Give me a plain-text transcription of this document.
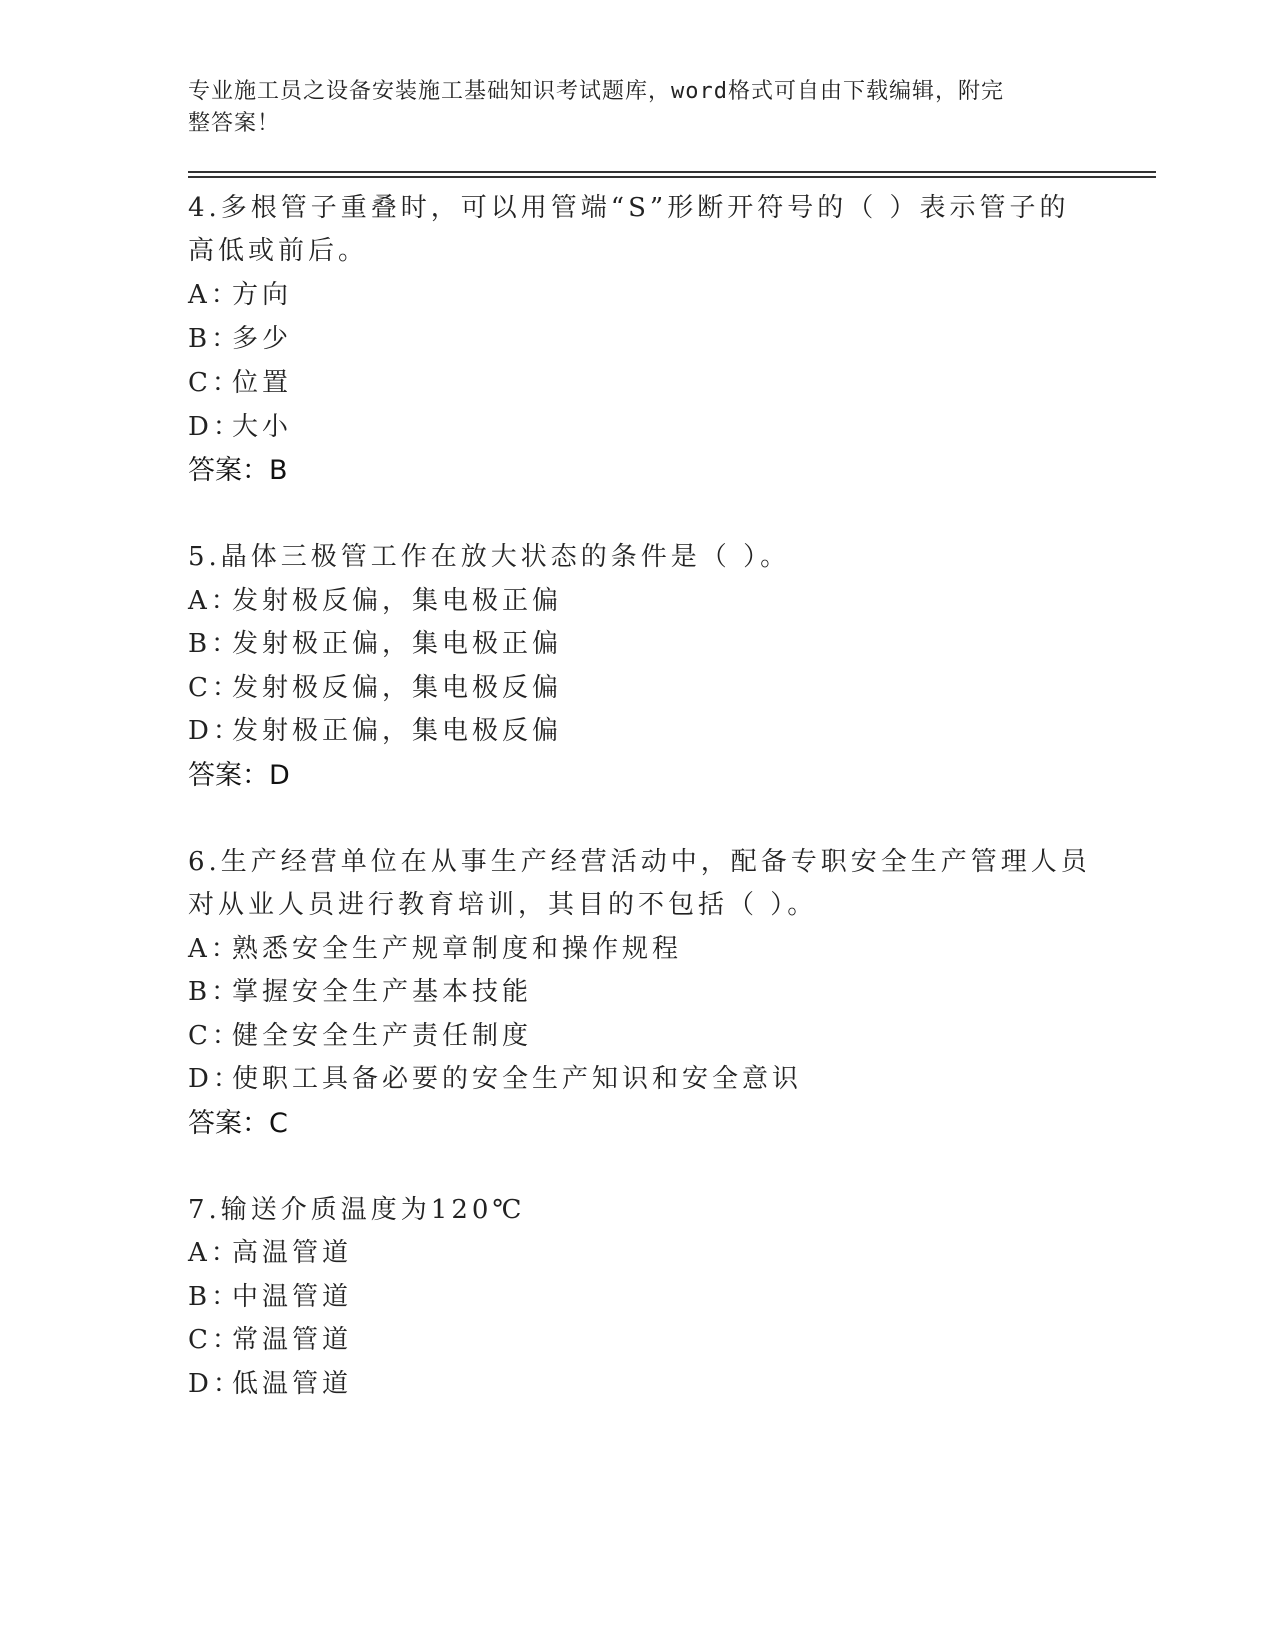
专业施工员之设备安装施工基础知识考试题库，word格式可自由下载编辑，附完
整答案！
4.多根管子重叠时，可以用管端“S”形断开符号的（ ）表示管子的
高低或前后。
A：方向
B：多少
C：位置
D：大小
答案：B
5.晶体三极管工作在放大状态的条件是（ ）。
A：发射极反偏，集电极正偏
B：发射极正偏，集电极正偏
C：发射极反偏，集电极反偏
D：发射极正偏，集电极反偏
答案：D
6.生产经营单位在从事生产经营活动中，配备专职安全生产管理人员
对从业人员进行教育培训，其目的不包括（ ）。
A：熟悉安全生产规章制度和操作规程
B：掌握安全生产基本技能
C：健全安全生产责任制度
D：使职工具备必要的安全生产知识和安全意识
答案：C
7.输送介质温度为120℃
A：高温管道
B：中温管道
C：常温管道
D：低温管道
